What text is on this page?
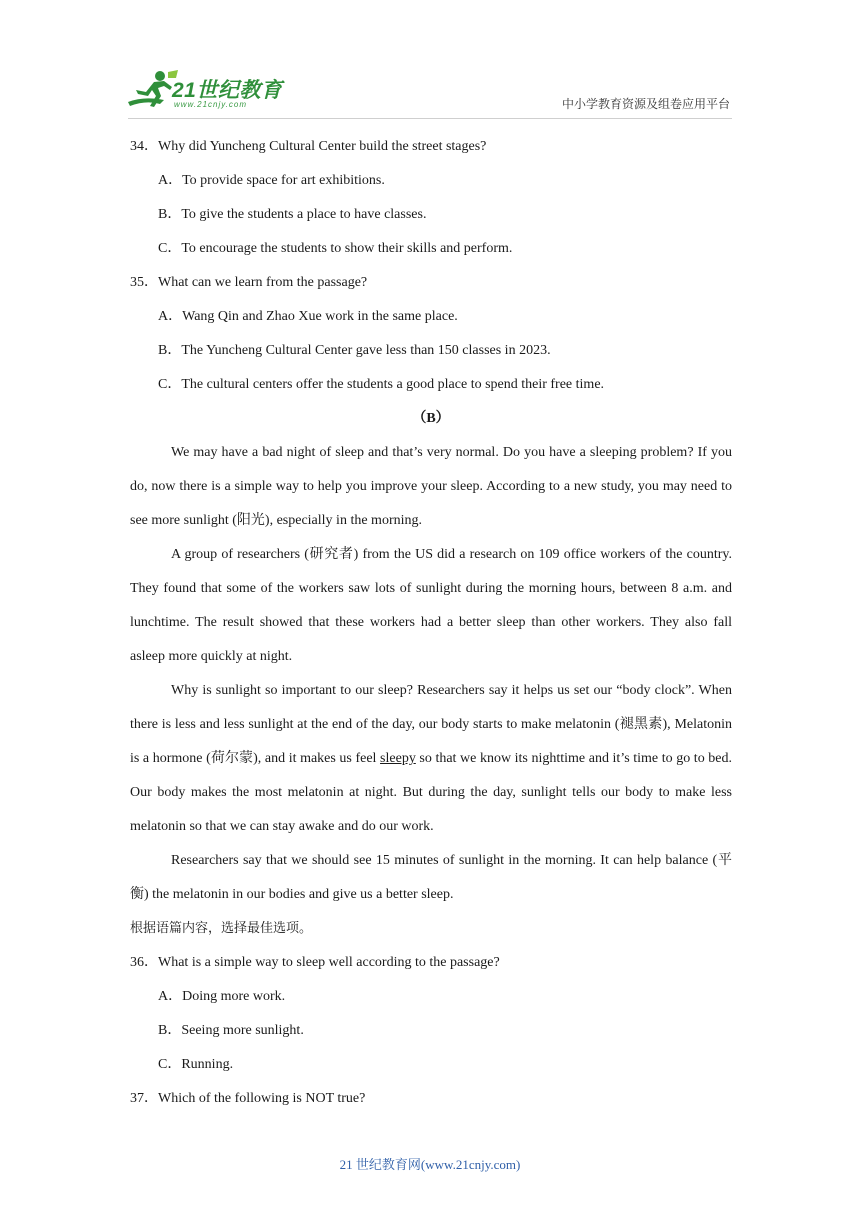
21世纪教育
www.21cnjy.com	中小学教育资源及组卷应用平台
34．Why did Yuncheng Cultural Center build the street stages?
A．To provide space for art exhibitions.
B．To give the students a place to have classes.
C．To encourage the students to show their skills and perform.
35．What can we learn from the passage?
A．Wang Qin and Zhao Xue work in the same place.
B．The Yuncheng Cultural Center gave less than 150 classes in 2023.
C．The cultural centers offer the students a good place to spend their free time.
（B）

We may have a bad night of sleep and that’s very normal. Do you have a sleeping problem? If you do, now there is a simple way to help you improve your sleep. According to a new study, you may need to see more sunlight (阳光), especially in the morning.

A group of researchers (研究者) from the US did a research on 109 office workers of the country. They found that some of the workers saw lots of sunlight during the morning hours, between 8 a.m. and lunchtime. The result showed that these workers had a better sleep than other workers. They also fall asleep more quickly at night.

Why is sunlight so important to our sleep? Researchers say it helps us set our “body clock”. When there is less and less sunlight at the end of the day, our body starts to make melatonin (褪黑素), Melatonin is a hormone (荷尔蒙), and it makes us feel sleepy so that we know its nighttime and it’s time to go to bed. Our body makes the most melatonin at night. But during the day, sunlight tells our body to make less melatonin so that we can stay awake and do our work.

Researchers say that we should see 15 minutes of sunlight in the morning. It can help balance (平衡) the melatonin in our bodies and give us a better sleep.

根据语篇内容，选择最佳选项。
36．What is a simple way to sleep well according to the passage?
A．Doing more work.
B．Seeing more sunlight.
C．Running.
37．Which of the following is NOT true?
21 世纪教育网(www.21cnjy.com)
